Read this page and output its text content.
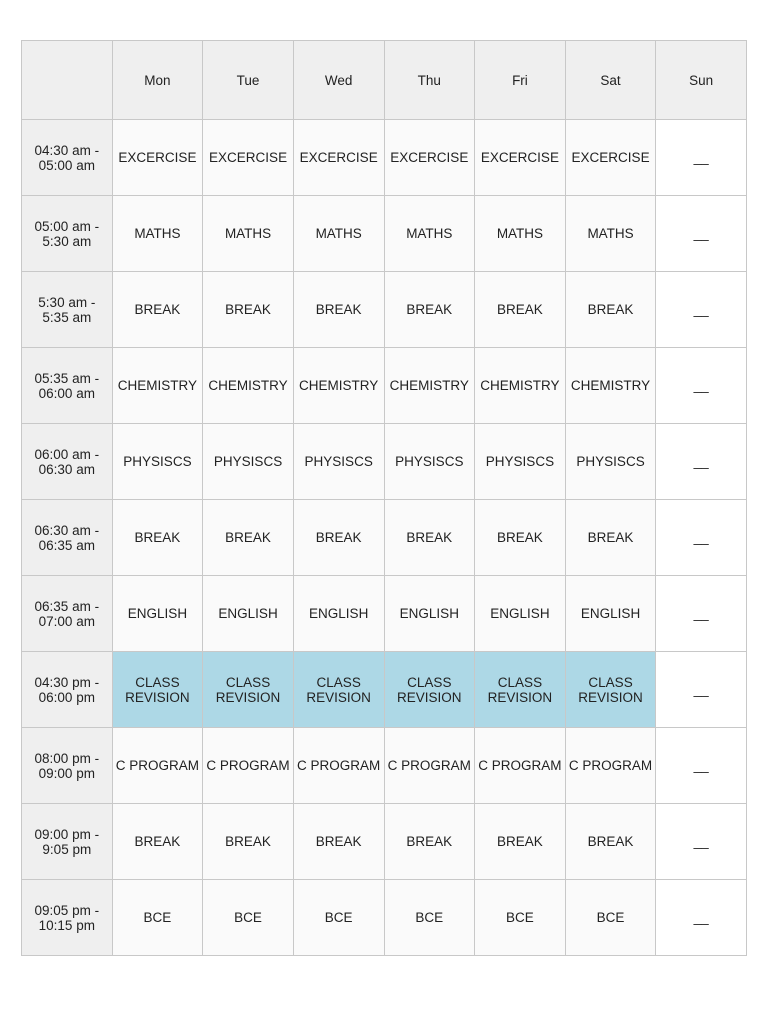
	Mon	Tue	Wed	Thu	Fri	Sat	Sun
04:30 am - 05:00 am	EXCERCISE	EXCERCISE	EXCERCISE	EXCERCISE	EXCERCISE	EXCERCISE	__
05:00 am - 5:30 am	MATHS	MATHS	MATHS	MATHS	MATHS	MATHS	__
5:30 am - 5:35 am	BREAK	BREAK	BREAK	BREAK	BREAK	BREAK	__
05:35 am - 06:00 am	CHEMISTRY	CHEMISTRY	CHEMISTRY	CHEMISTRY	CHEMISTRY	CHEMISTRY	__
06:00 am - 06:30 am	PHYSISCS	PHYSISCS	PHYSISCS	PHYSISCS	PHYSISCS	PHYSISCS	__
06:30 am - 06:35 am	BREAK	BREAK	BREAK	BREAK	BREAK	BREAK	__
06:35 am - 07:00 am	ENGLISH	ENGLISH	ENGLISH	ENGLISH	ENGLISH	ENGLISH	__
04:30 pm - 06:00 pm	CLASS REVISION	CLASS REVISION	CLASS REVISION	CLASS REVISION	CLASS REVISION	CLASS REVISION	__
08:00 pm - 09:00 pm	C PROGRAM	C PROGRAM	C PROGRAM	C PROGRAM	C PROGRAM	C PROGRAM	__
09:00 pm - 9:05 pm	BREAK	BREAK	BREAK	BREAK	BREAK	BREAK	__
09:05 pm - 10:15 pm	BCE	BCE	BCE	BCE	BCE	BCE	__
